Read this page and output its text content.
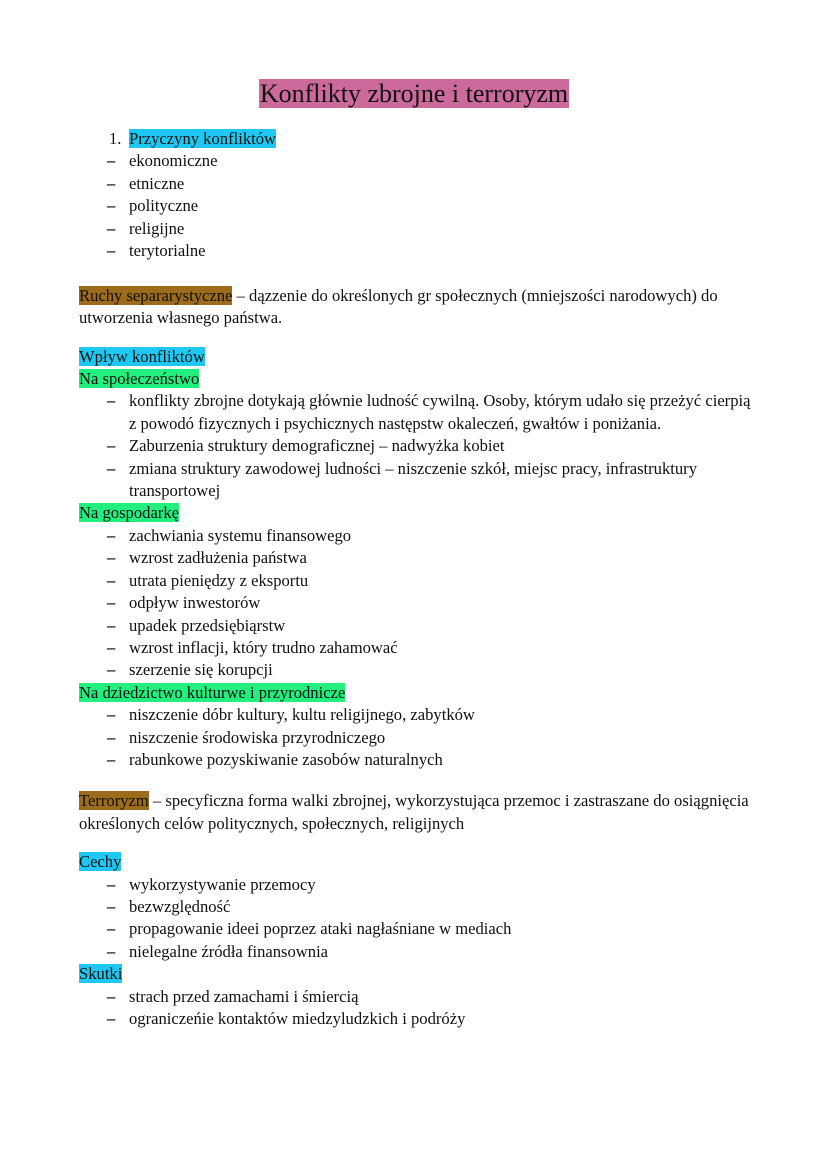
Konflikty zbrojne i terroryzm
1. Przyczyny konfliktów
– ekonomiczne
– etniczne
– polityczne
– religijne
– terytorialne
Ruchy separarystyczne – dązzenie do określonych gr społecznych (mniejszości narodowych) do utworzenia własnego państwa.
Wpływ konfliktów
Na społeczeństwo
– konflikty zbrojne dotykają głównie ludność cywilną. Osoby, którym udało się przeżyć cierpią z powodó fizycznych i psychicznych następstw okaleczeń, gwałtów i poniżania.
– Zaburzenia struktury demograficznej – nadwyżka kobiet
– zmiana struktury zawodowej ludności – niszczenie szkół, miejsc pracy, infrastruktury transportowej
Na gospodarkę
– zachwiania systemu finansowego
– wzrost zadłużenia państwa
– utrata pieniędzy z eksportu
– odpływ inwestorów
– upadek przedsiębiąrstw
– wzrost inflacji, który trudno zahamować
– szerzenie się korupcji
Na dziedzictwo kulturwe i przyrodnicze
– niszczenie dóbr kultury, kultu religijnego, zabytków
– niszczenie środowiska przyrodniczego
– rabunkowe pozyskiwanie zasobów naturalnych
Terroryzm – specyficzna forma walki zbrojnej, wykorzystująca przemoc i zastraszane do osiągnięcia określonych celów politycznych, społecznych, religijnych
Cechy
– wykorzystywanie przemocy
– bezwzględność
– propagowanie ideei poprzez ataki nagłaśniane w mediach
– nielegalne źródła finansownia
Skutki
– strach przed zamachami i śmiercią
– ograniczeńie kontaktów miedzyludzkich i podróży
